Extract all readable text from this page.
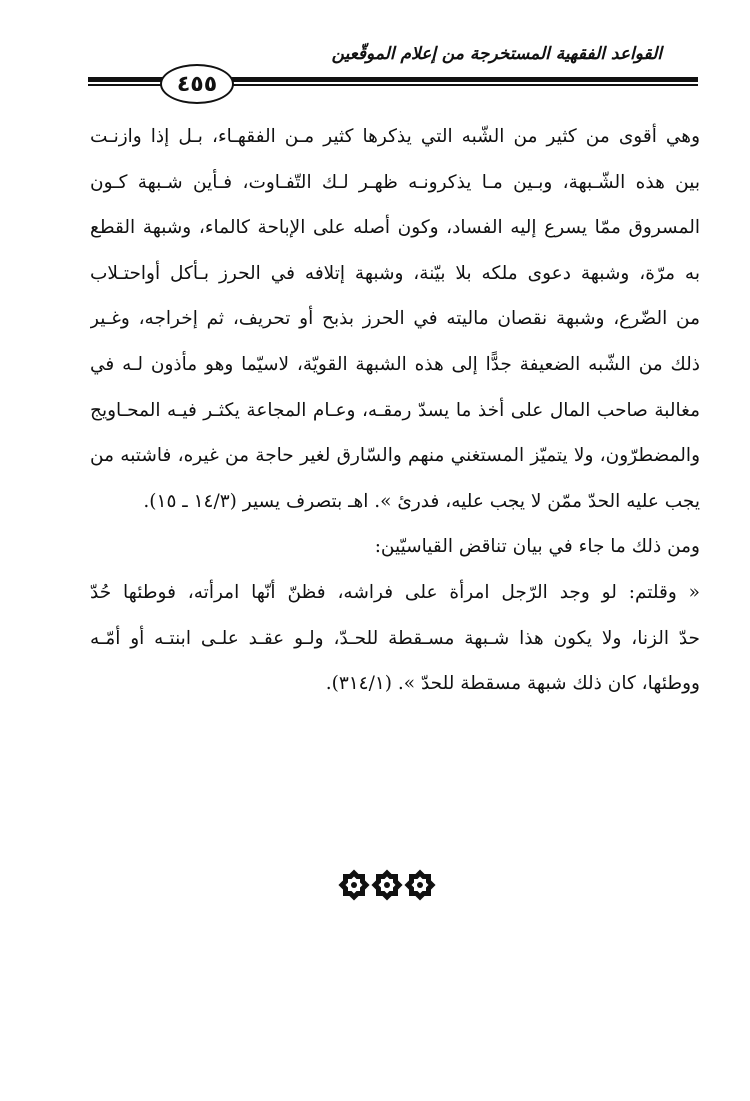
القواعد الفقهية المستخرجة من إعلام الموقّعين
٤٥٥
وهي أقوى من كثير من الشّبه التي يذكرها كثير مـن الفقهـاء، بـل إذا وازنـت
بين هذه الشّـبهة، وبـين مـا يذكرونـه ظهـر لـك التّفـاوت، فـأين شـبهة كـون
المسروق ممّا يسرع إليه الفساد، وكون أصله على الإباحة كالماء، وشبهة القطع
به مرّة، وشبهة دعوى ملكه بلا بيّنة، وشبهة إتلافه في الحرز بـأكل أواحتـلاب
من الضّرع، وشبهة نقصان ماليته في الحرز بذبح أو تحريف، ثم إخراجه، وغـير
ذلك من الشّبه الضعيفة جدًّا إلى هذه الشبهة القويّة، لاسيّما وهو مأذون لـه في
مغالبة صاحب المال على أخذ ما يسدّ رمقـه، وعـام المجاعة يكثـر فيـه المحـاويج
والمضطرّون، ولا يتميّز المستغني منهم والسّارق لغير حاجة من غيره، فاشتبه من
يجب عليه الحدّ ممّن لا يجب عليه، فدرئ ». اهـ بتصرف يسير (١٤/٣ ـ ١٥).
ومن ذلك ما جاء في بيان تناقض القياسيّين:
« وقلتم: لو وجد الرّجل امرأة على فراشه، فظنّ أنّها امرأته، فوطئها حُدّ
حدّ الزنا، ولا يكون هذا شـبهة مسـقطة للحـدّ، ولـو عقـد علـى ابنتـه أو أمّـه
ووطئها، كان ذلك شبهة مسقطة للحدّ ». (٣١٤/١).
